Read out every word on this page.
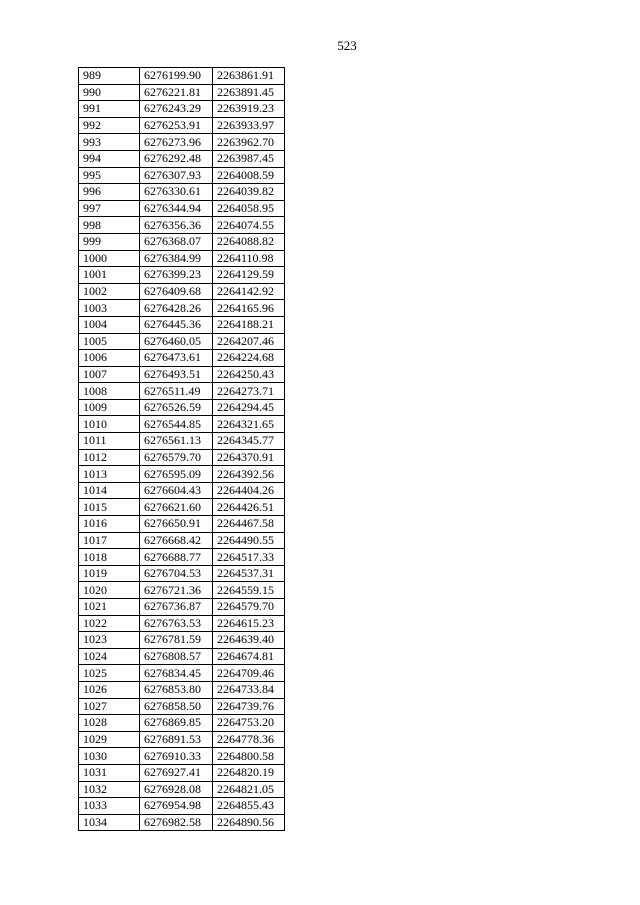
523
989	6276199.90	2263861.91
990	6276221.81	2263891.45
991	6276243.29	2263919.23
992	6276253.91	2263933.97
993	6276273.96	2263962.70
994	6276292.48	2263987.45
995	6276307.93	2264008.59
996	6276330.61	2264039.82
997	6276344.94	2264058.95
998	6276356.36	2264074.55
999	6276368.07	2264088.82
1000	6276384.99	2264110.98
1001	6276399.23	2264129.59
1002	6276409.68	2264142.92
1003	6276428.26	2264165.96
1004	6276445.36	2264188.21
1005	6276460.05	2264207.46
1006	6276473.61	2264224.68
1007	6276493.51	2264250.43
1008	6276511.49	2264273.71
1009	6276526.59	2264294.45
1010	6276544.85	2264321.65
1011	6276561.13	2264345.77
1012	6276579.70	2264370.91
1013	6276595.09	2264392.56
1014	6276604.43	2264404.26
1015	6276621.60	2264426.51
1016	6276650.91	2264467.58
1017	6276668.42	2264490.55
1018	6276688.77	2264517.33
1019	6276704.53	2264537.31
1020	6276721.36	2264559.15
1021	6276736.87	2264579.70
1022	6276763.53	2264615.23
1023	6276781.59	2264639.40
1024	6276808.57	2264674.81
1025	6276834.45	2264709.46
1026	6276853.80	2264733.84
1027	6276858.50	2264739.76
1028	6276869.85	2264753.20
1029	6276891.53	2264778.36
1030	6276910.33	2264800.58
1031	6276927.41	2264820.19
1032	6276928.08	2264821.05
1033	6276954.98	2264855.43
1034	6276982.58	2264890.56
